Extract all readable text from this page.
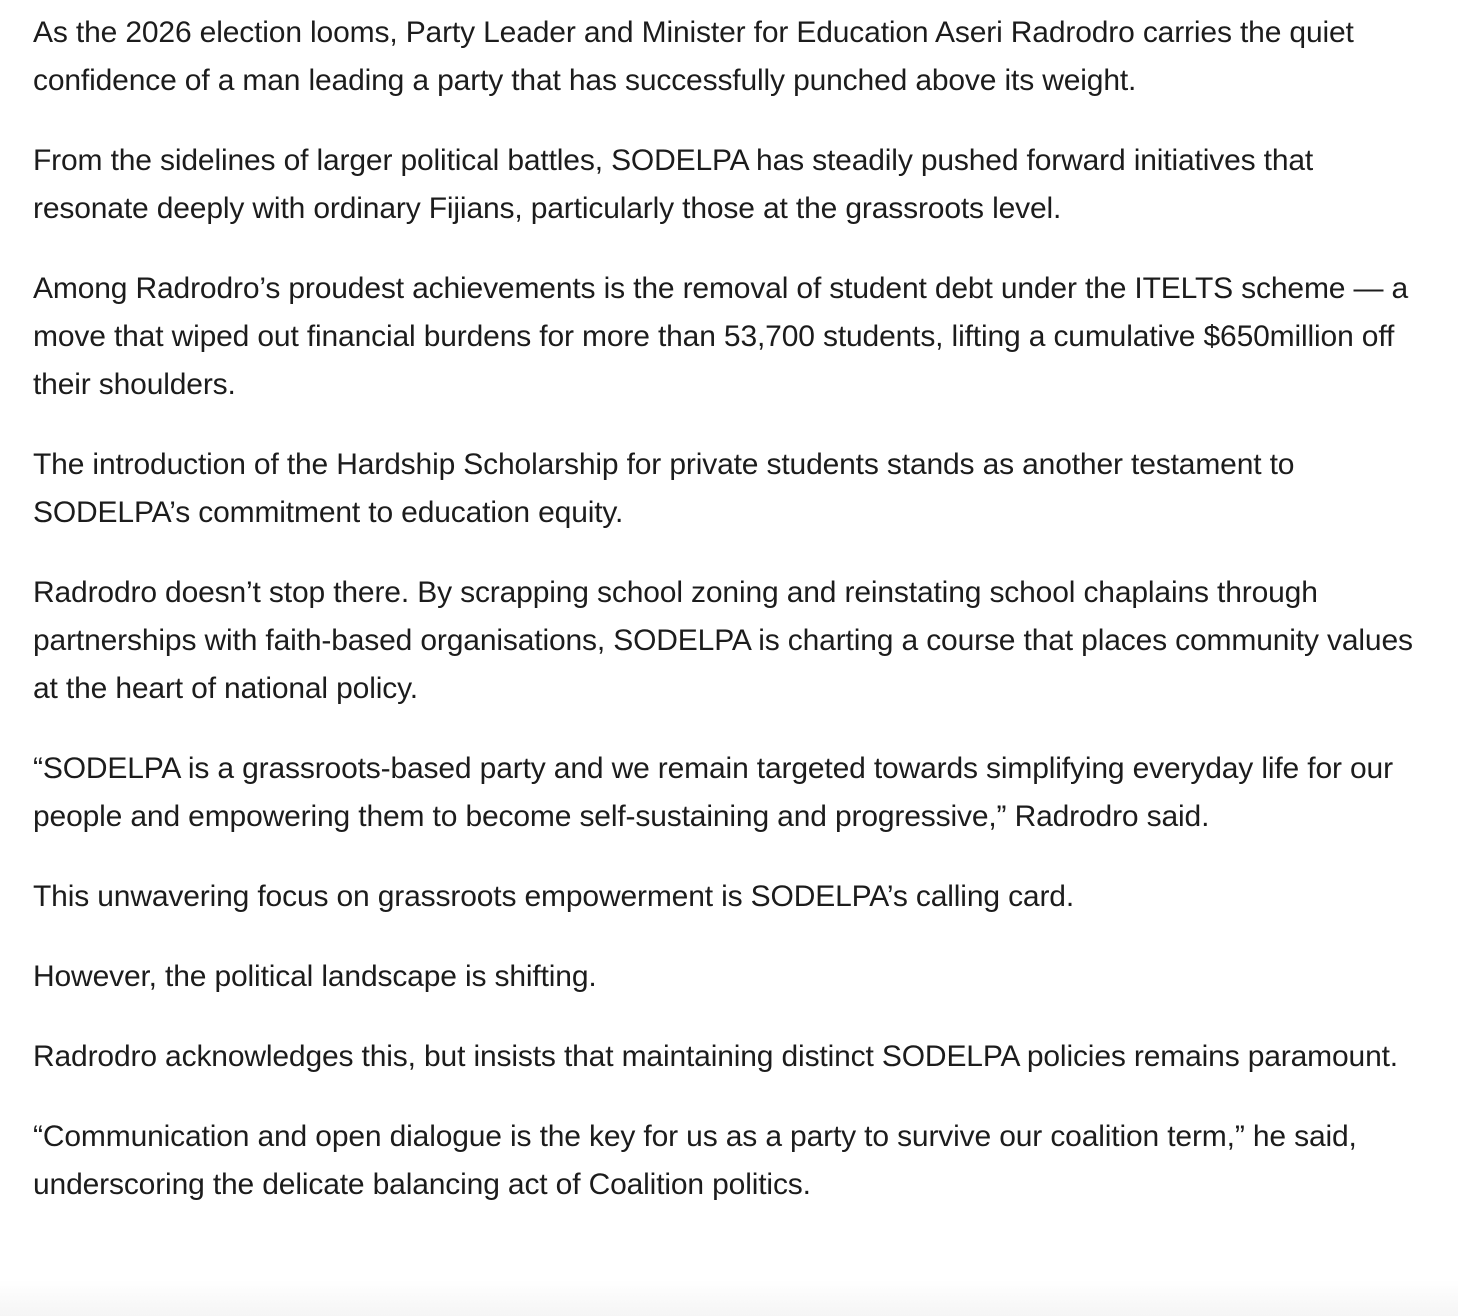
As the 2026 election looms, Party Leader and Minister for Education Aseri Radrodro carries the quiet confidence of a man leading a party that has successfully punched above its weight.

From the sidelines of larger political battles, SODELPA has steadily pushed forward initiatives that resonate deeply with ordinary Fijians, particularly those at the grassroots level.

Among Radrodro’s proudest achievements is the removal of student debt under the ITELTS scheme — a move that wiped out financial burdens for more than 53,700 students, lifting a cumulative $650million off their shoulders.

The introduction of the Hardship Scholarship for private students stands as another testament to SODELPA’s commitment to education equity.

Radrodro doesn’t stop there. By scrapping school zoning and reinstating school chaplains through partnerships with faith-based organisations, SODELPA is charting a course that places community values at the heart of national policy.

“SODELPA is a grassroots-based party and we remain targeted towards simplifying everyday life for our people and empowering them to become self-sustaining and progressive,” Radrodro said.

This unwavering focus on grassroots empowerment is SODELPA’s calling card.

However, the political landscape is shifting.

Radrodro acknowledges this, but insists that maintaining distinct SODELPA policies remains paramount.

“Communication and open dialogue is the key for us as a party to survive our coalition term,” he said, underscoring the delicate balancing act of Coalition politics.
